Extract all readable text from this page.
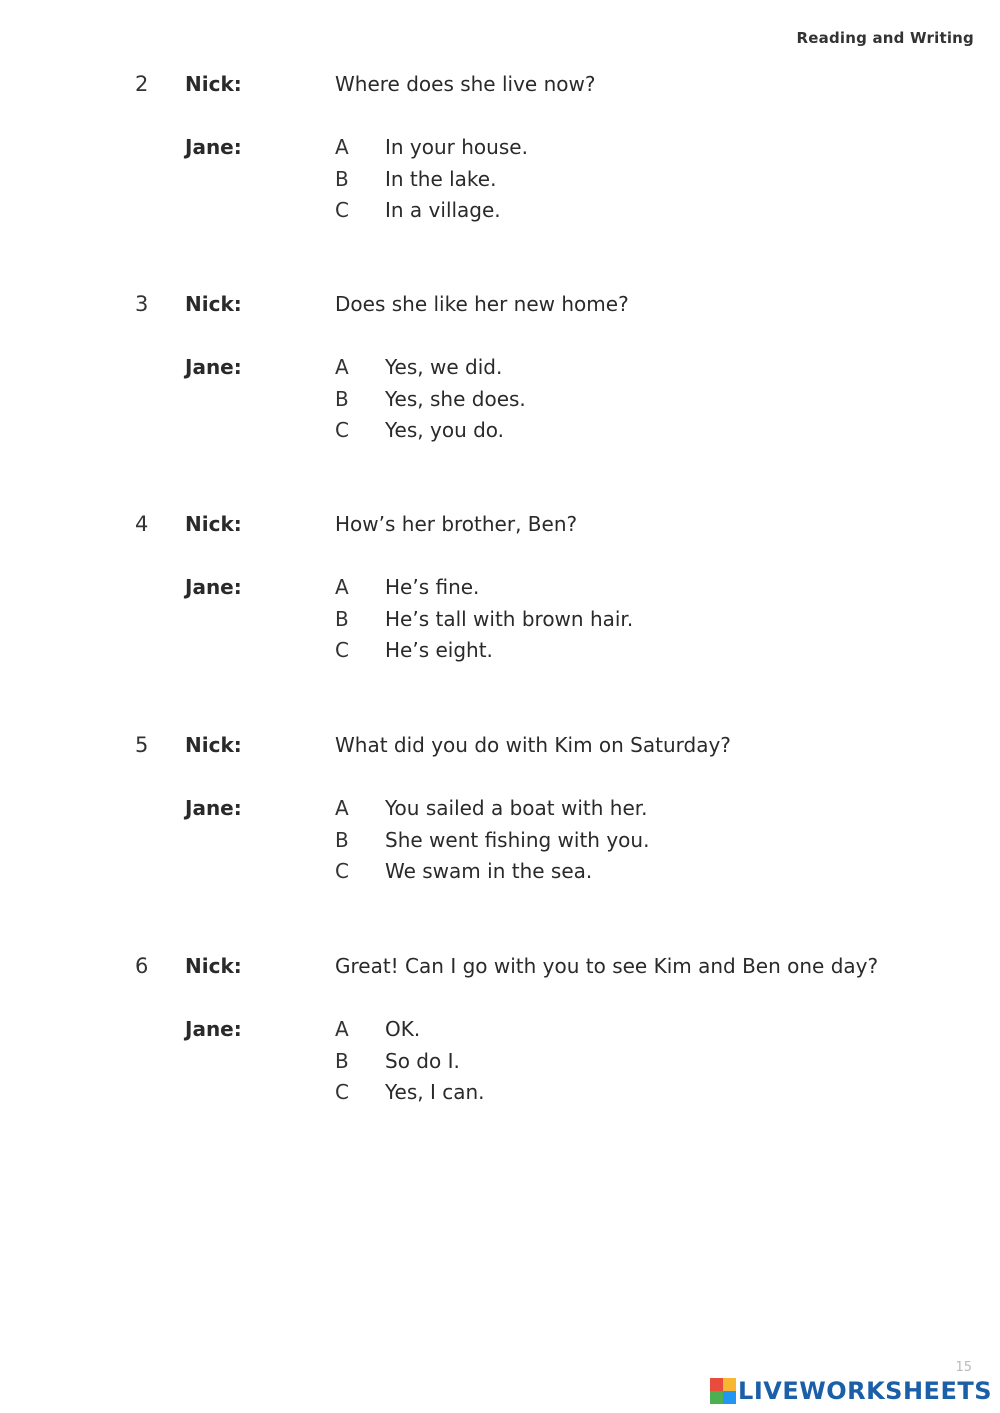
Reading and Writing
2 Nick:	Where does she live now?
Jane:	A In your house.
B In the lake.
C In a village.
3 Nick:	Does she like her new home?
Jane:	A Yes, we did.
B Yes, she does.
C Yes, you do.
4 Nick:	How’s her brother, Ben?
Jane:	A He’s fine.
B He’s tall with brown hair.
C He’s eight.
5 Nick:	What did you do with Kim on Saturday?
Jane:	A You sailed a boat with her.
B She went fishing with you.
C We swam in the sea.
6 Nick:	Great! Can I go with you to see Kim and Ben one day?
Jane:	A OK.
B So do I.
C Yes, I can.
15
LIVEWORKSHEETS
